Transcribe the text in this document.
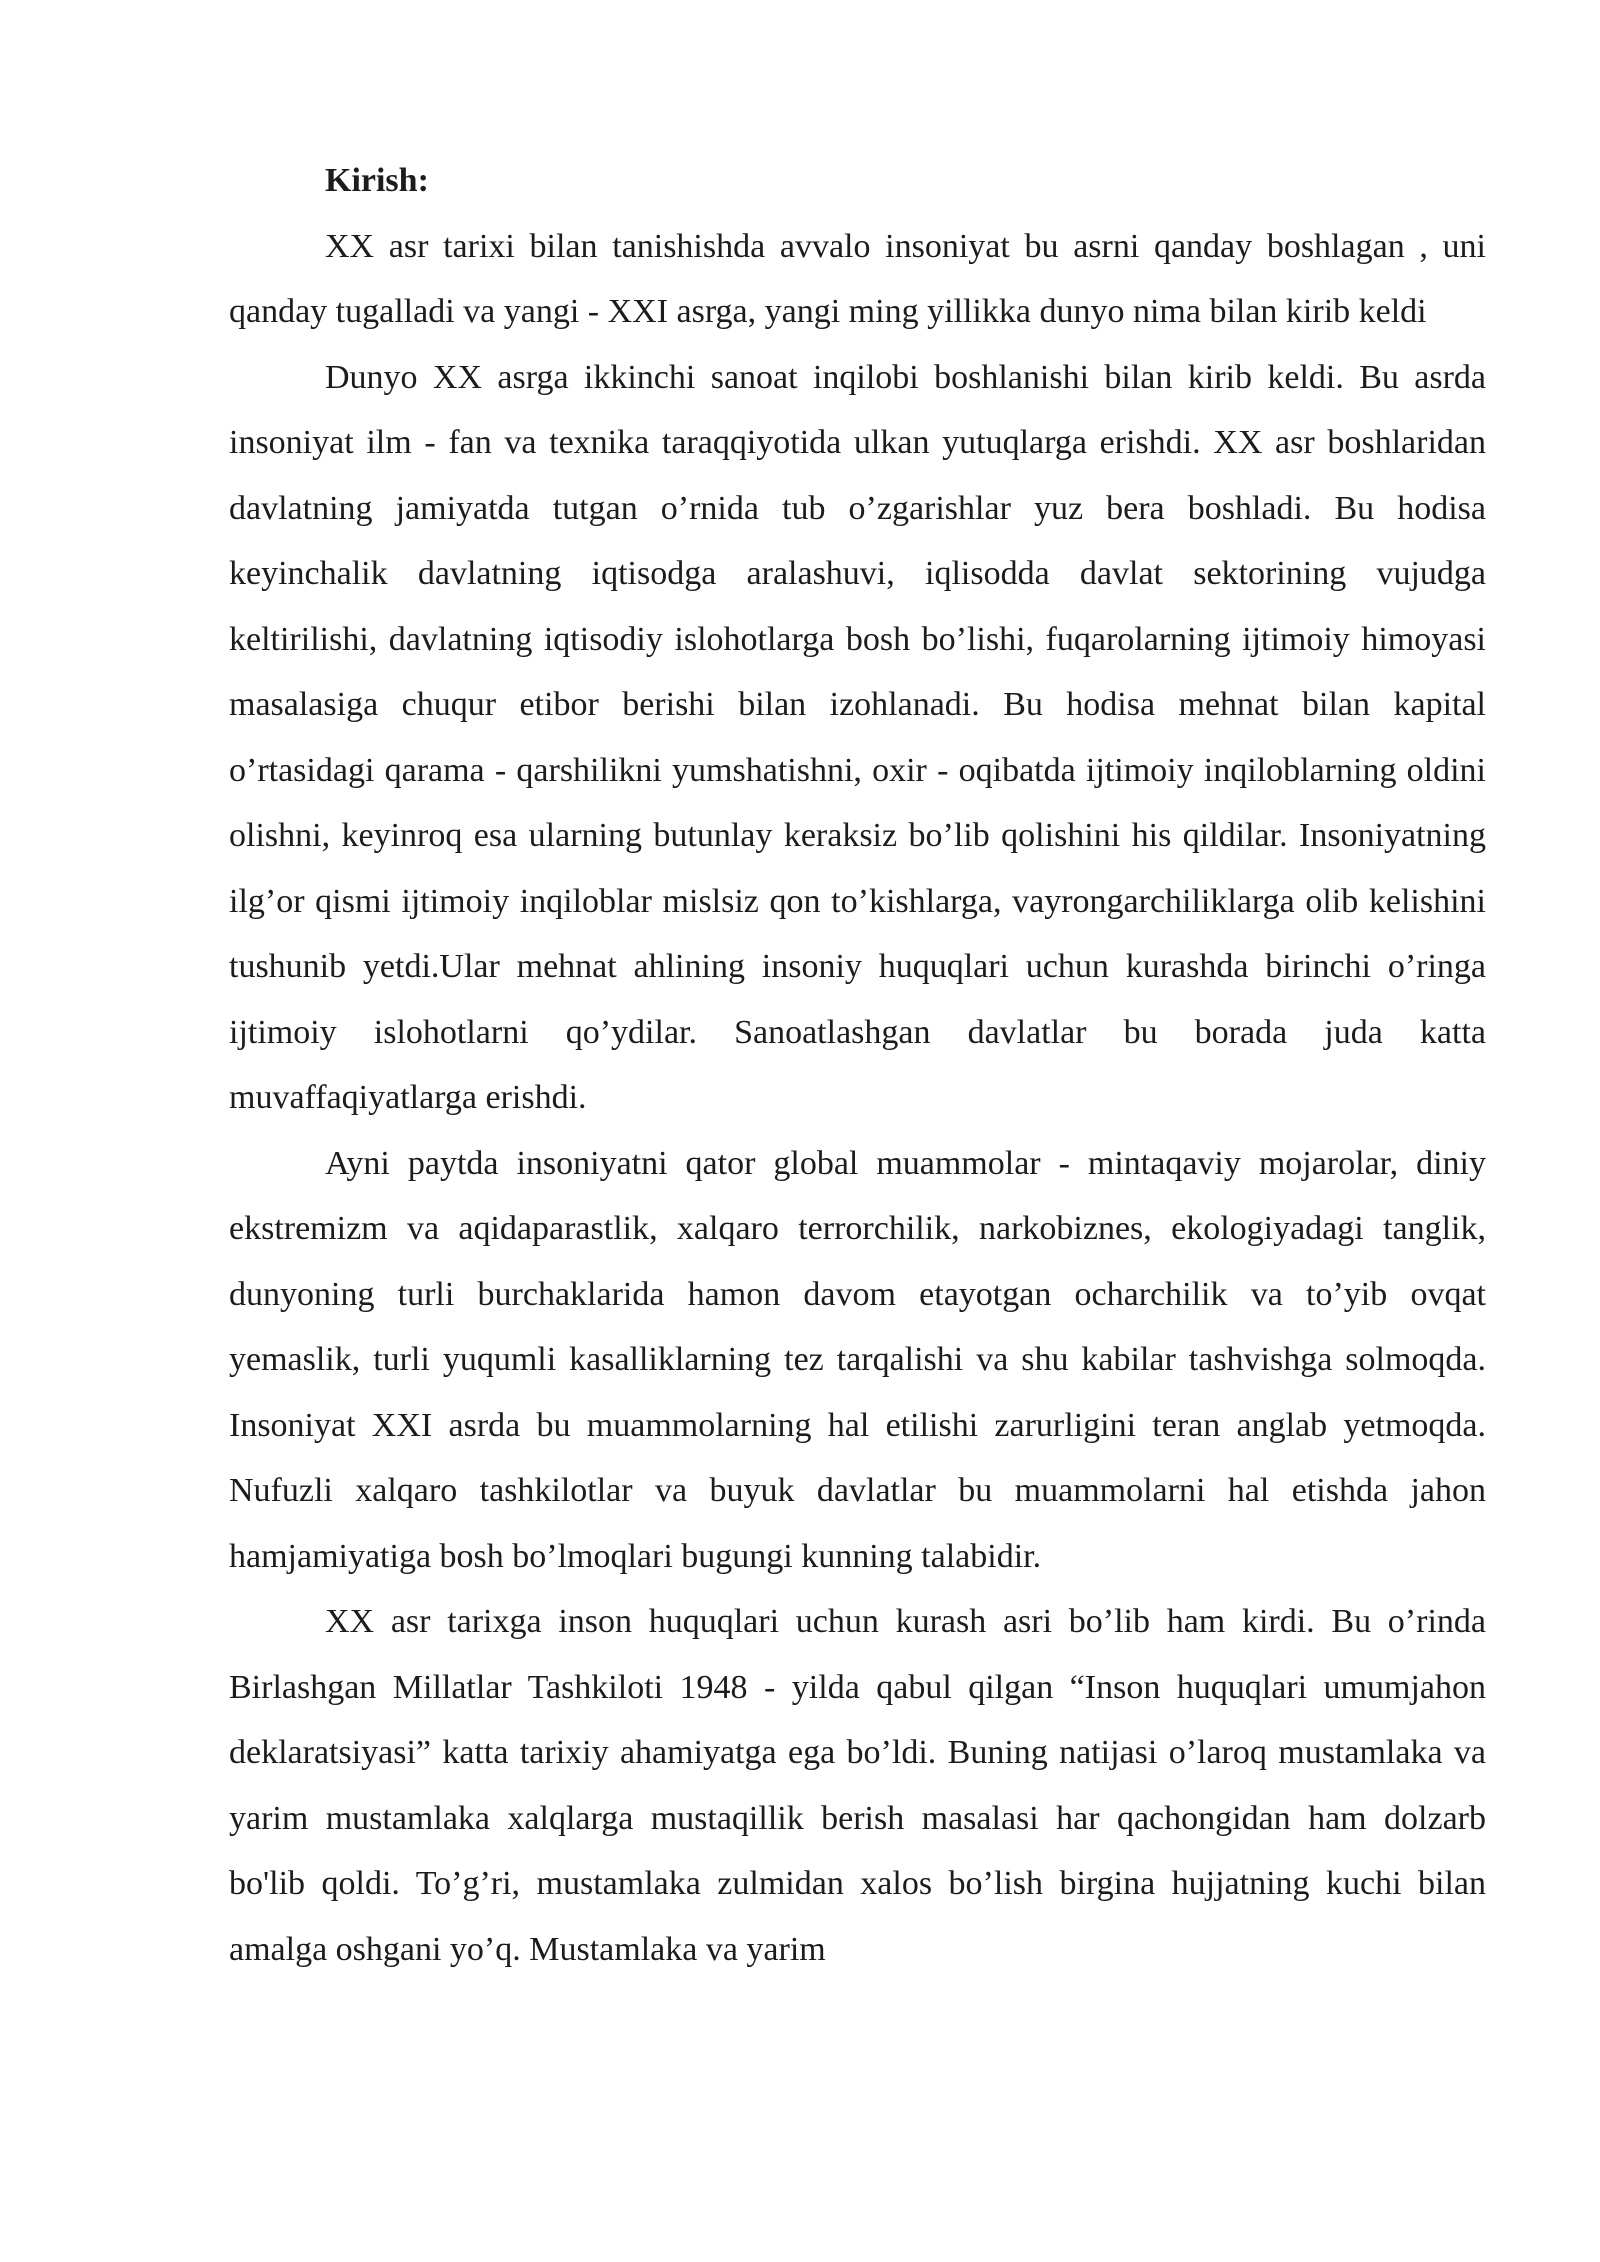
Kirish:

XX asr tarixi bilan tanishishda avvalo insoniyat bu asrni qanday boshlagan , uni qanday tugalladi va yangi - XXI asrga, yangi ming yillikka dunyo nima bilan kirib keldi

Dunyo XX asrga ikkinchi sanoat inqilobi boshlanishi bilan kirib keldi. Bu asrda insoniyat ilm - fan va texnika taraqqiyotida ulkan yutuqlarga erishdi. XX asr boshlaridan davlatning jamiyatda tutgan o’rnida tub o’zgarishlar yuz bera boshladi. Bu hodisa keyinchalik davlatning iqtisodga aralashuvi, iqlisodda davlat sektorining vujudga keltirilishi, davlatning iqtisodiy islohotlarga bosh bo’lishi, fuqarolarning ijtimoiy himoyasi masalasiga chuqur etibor berishi bilan izohlanadi. Bu hodisa mehnat bilan kapital o’rtasidagi qarama - qarshilikni yumshatishni, oxir - oqibatda ijtimoiy inqiloblarning oldini olishni, keyinroq esa ularning butunlay keraksiz bo’lib qolishini his qildilar. Insoniyatning ilg’or qismi ijtimoiy inqiloblar mislsiz qon to’kishlarga, vayrongarchiliklarga olib kelishini tushunib yetdi.Ular mehnat ahlining insoniy huquqlari uchun kurashda birinchi o’ringa ijtimoiy islohotlarni qo’ydilar. Sanoatlashgan davlatlar bu borada juda katta muvaffaqiyatlarga erishdi.

Ayni paytda insoniyatni qator global muammolar - mintaqaviy mojarolar, diniy ekstremizm va aqidaparastlik, xalqaro terrorchilik, narkobiznes, ekologiyadagi tanglik, dunyoning turli burchaklarida hamon davom etayotgan ocharchilik va to’yib ovqat yemaslik, turli yuqumli kasalliklarning tez tarqalishi va shu kabilar tashvishga solmoqda. Insoniyat XXI asrda bu muammolarning hal etilishi zarurligini teran anglab yetmoqda. Nufuzli xalqaro tashkilotlar va buyuk davlatlar bu muammolarni hal etishda jahon hamjamiyatiga bosh bo’lmoqlari bugungi kunning talabidir.

XX asr tarixga inson huquqlari uchun kurash asri bo’lib ham kirdi. Bu o’rinda Birlashgan Millatlar Tashkiloti 1948 - yilda qabul qilgan “Inson huquqlari umumjahon deklaratsiyasi” katta tarixiy ahamiyatga ega bo’ldi. Buning natijasi o’laroq mustamlaka va yarim mustamlaka xalqlarga mustaqillik berish masalasi har qachongidan ham dolzarb bo'lib qoldi. To’g’ri, mustamlaka zulmidan xalos bo’lish birgina hujjatning kuchi bilan amalga oshgani yo’q. Mustamlaka va yarim
